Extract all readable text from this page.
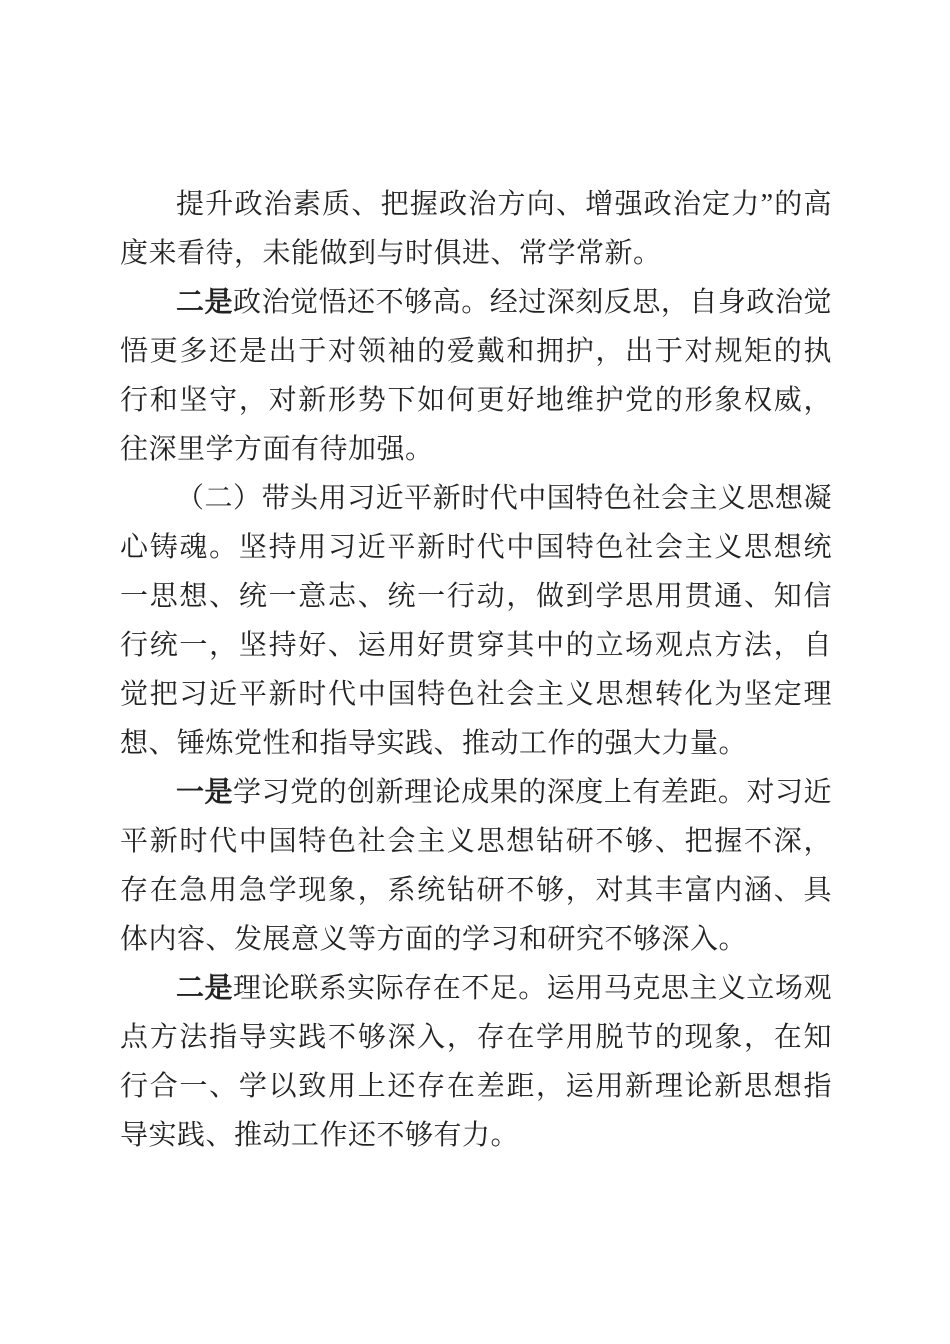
提升政治素质、把握政治方向、增强政治定力”的高度来看待，未能做到与时俱进、常学常新。

二是政治觉悟还不够高。经过深刻反思，自身政治觉悟更多还是出于对领袖的爱戴和拥护，出于对规矩的执行和坚守，对新形势下如何更好地维护党的形象权威，往深里学方面有待加强。

（二）带头用习近平新时代中国特色社会主义思想凝心铸魂。坚持用习近平新时代中国特色社会主义思想统一思想、统一意志、统一行动，做到学思用贯通、知信行统一，坚持好、运用好贯穿其中的立场观点方法，自觉把习近平新时代中国特色社会主义思想转化为坚定理想、锤炼党性和指导实践、推动工作的强大力量。

一是学习党的创新理论成果的深度上有差距。对习近平新时代中国特色社会主义思想钻研不够、把握不深，存在急用急学现象，系统钻研不够，对其丰富内涵、具体内容、发展意义等方面的学习和研究不够深入。

二是理论联系实际存在不足。运用马克思主义立场观点方法指导实践不够深入，存在学用脱节的现象，在知行合一、学以致用上还存在差距，运用新理论新思想指导实践、推动工作还不够有力。
